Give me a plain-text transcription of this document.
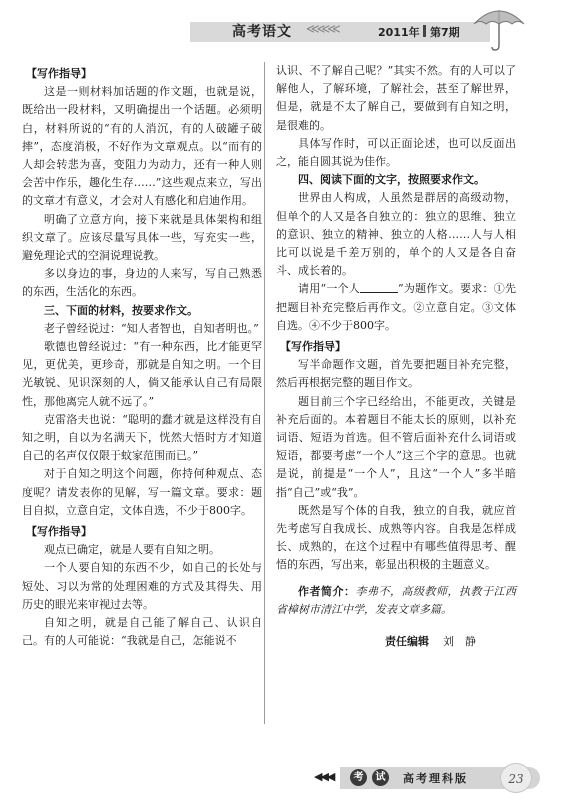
高考语文 ≪≪≪	2011年 第7期
【写作指导】

这是一则材料加话题的作文题，也就是说，既给出一段材料，又明确提出一个话题。必须明白，材料所说的“有的人消沉，有的人破罐子破摔”，态度消极，不好作为文章观点。以“而有的人却会转悲为喜，变阻力为动力，还有一种人则会苦中作乐，趣化生存……”这些观点来立，写出的文章才有意义，才会对人有感化和启迪作用。

明确了立意方向，接下来就是具体架构和组织文章了。应该尽量写具体一些，写充实一些，避免理论式的空洞说理说教。

多以身边的事，身边的人来写，写自己熟悉的东西，生活化的东西。

三、下面的材料，按要求作文。

老子曾经说过：“知人者智也，自知者明也。”

歌德也曾经说过：“有一种东西，比才能更罕见，更优美，更珍奇，那就是自知之明。一个目光敏锐、见识深刻的人，倘又能承认自己有局限性，那他离完人就不远了。”

克雷洛夫也说：“聪明的蠢才就是这样没有自知之明，自以为名满天下，恍然大悟时方才知道自己的名声仅仅限于蚊家范围而已。”

对于自知之明这个问题，你持何种观点、态度呢？请发表你的见解，写一篇文章。要求：题目自拟，立意自定，文体自选，不少于800字。

【写作指导】

观点已确定，就是人要有自知之明。

一个人要自知的东西不少，如自己的长处与短处、习以为常的处理困难的方式及其得失、用历史的眼光来审视过去等。

自知之明，就是自己能了解自己、认识自己。有的人可能说：“我就是自己，怎能说不

认识、不了解自己呢？”其实不然。有的人可以了解他人，了解环境，了解社会，甚至了解世界，但是，就是不太了解自己，要做到有自知之明，是很难的。

具体写作时，可以正面论述，也可以反面出之，能自圆其说为佳作。

四、阅读下面的文字，按照要求作文。

世界由人构成，人虽然是群居的高级动物，但单个的人又是各自独立的：独立的思维、独立的意识、独立的精神、独立的人格……人与人相比可以说是千差万别的，单个的人又是各自奋斗、成长着的。

请用“一个人	”为题作文。要求：①先把题目补充完整后再作文。②立意自定。③文体自选。④不少于800字。

【写作指导】

写半命题作文题，首先要把题目补充完整，然后再根据完整的题目作文。

题目前三个字已经给出，不能更改，关键是补充后面的。本着题目不能太长的原则，以补充词语、短语为首选。但不管后面补充什么词语或短语，都要考虑“一个人”这三个字的意思。也就是说，前提是“一个人”，且这“一个人”多半暗指“自己”或“我”。

既然是写个体的自我，独立的自我，就应首先考虑写自我成长、成熟等内容。自我是怎样成长、成熟的，在这个过程中有哪些值得思考、醒悟的东西，写出来，彰显出积极的主题意义。

作者简介：李弗不，高级教师，执教于江西省樟树市清江中学，发表文章多篇。

责任编辑 刘　静
◀◀◀	考	试	高考理科版	23
